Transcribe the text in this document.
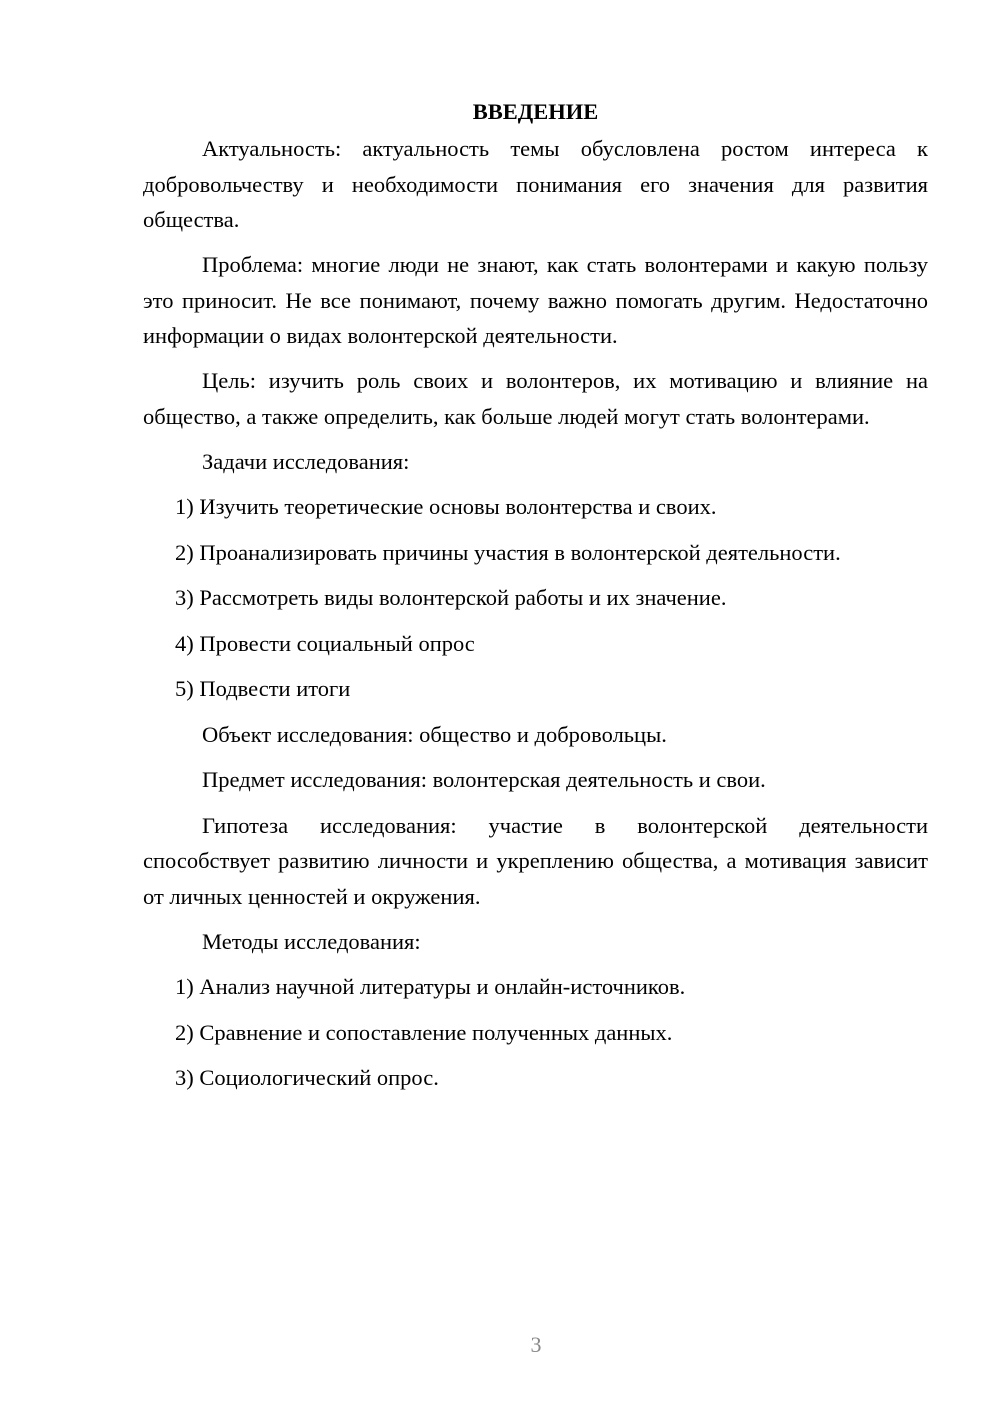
ВВЕДЕНИЕ
Актуальность: актуальность темы обусловлена ростом интереса к добровольчеству и необходимости понимания его значения для развития общества.
Проблема: многие люди не знают, как стать волонтерами и какую пользу это приносит. Не все понимают, почему важно помогать другим. Недостаточно информации о видах волонтерской деятельности.
Цель: изучить роль своих и волонтеров, их мотивацию и влияние на общество, а также определить, как больше людей могут стать волонтерами.
Задачи исследования:
1) Изучить теоретические основы волонтерства и своих.
2) Проанализировать причины участия в волонтерской деятельности.
3) Рассмотреть виды волонтерской работы и их значение.
4) Провести социальный опрос
5) Подвести итоги
Объект исследования: общество и добровольцы.
Предмет исследования: волонтерская деятельность и свои.
Гипотеза исследования: участие в волонтерской деятельности способствует развитию личности и укреплению общества, а мотивация зависит от личных ценностей и окружения.
Методы исследования:
1) Анализ научной литературы и онлайн-источников.
2) Сравнение и сопоставление полученных данных.
3) Социологический опрос.
3
